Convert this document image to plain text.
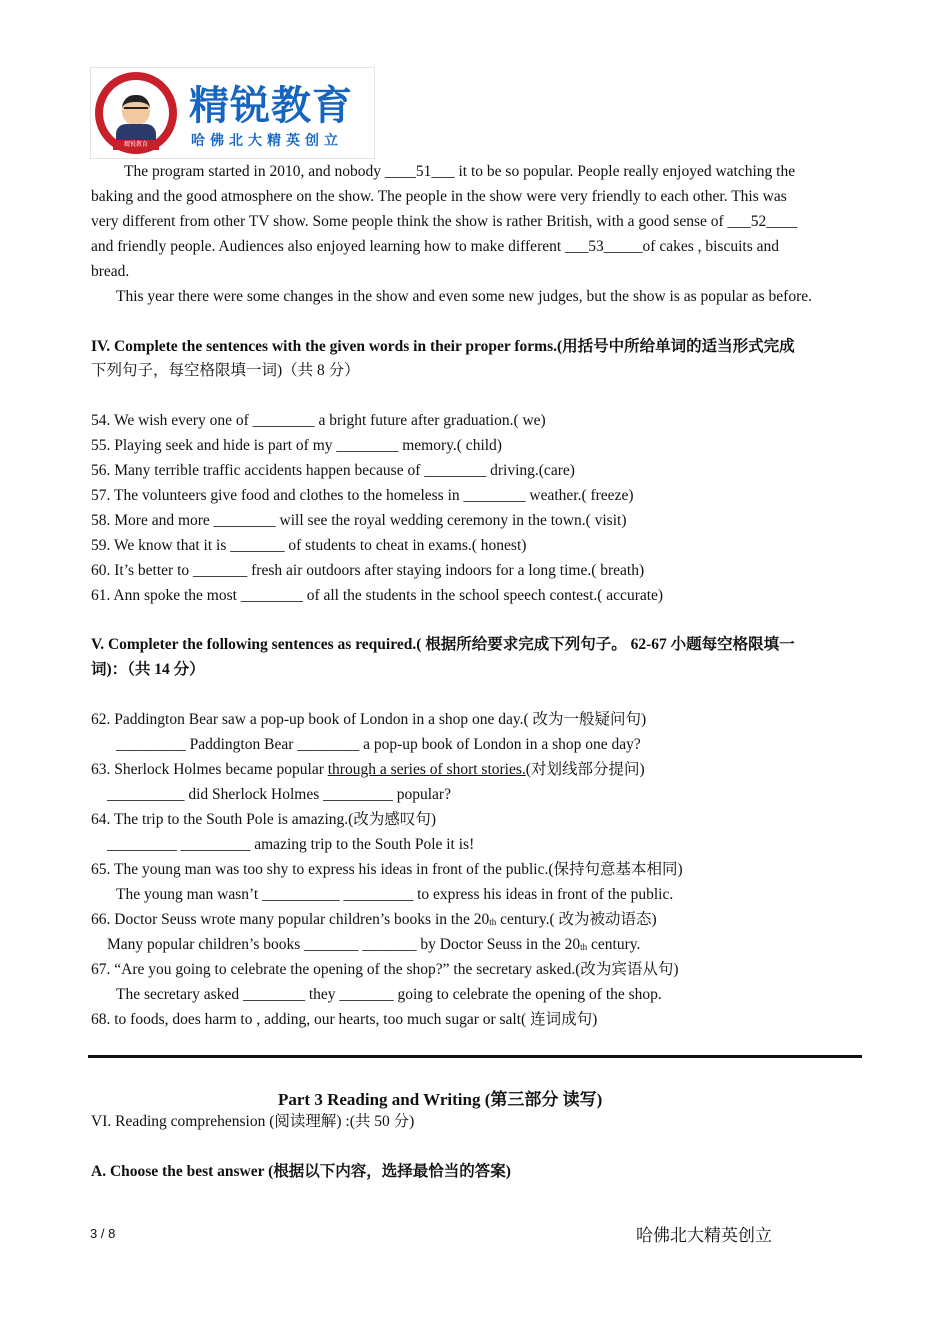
精锐教育
精锐教育
哈佛北大精英创立
The program started in 2010, and nobody ____51___ it to be so popular. People really enjoyed watching the
baking and the good atmosphere on the show. The people in the show were very friendly to each other. This was
very different from other TV show. Some people think the show is rather British, with a good sense of ___52____
and friendly people. Audiences also enjoyed learning how to make different ___53_____of cakes , biscuits and
bread.
This year there were some changes in the show and even some new judges, but the show is as popular as before.
IV. Complete the sentences with the given words in their proper forms.(用括号中所给单词的适当形式完成
下列句子，每空格限填一词)（共 8 分）
54. We wish every one of ________ a bright future after graduation.( we)
55. Playing seek and hide is part of my ________ memory.( child)
56. Many terrible traffic accidents happen because of ________ driving.(care)
57. The volunteers give food and clothes to the homeless in ________ weather.( freeze)
58. More and more ________ will see the royal wedding ceremony in the town.( visit)
59. We know that it is _______ of students to cheat in exams.( honest)
60. It’s better to _______ fresh air outdoors after staying indoors for a long time.( breath)
61. Ann spoke the most ________ of all the students in the school speech contest.( accurate)
V. Completer the following sentences as required.( 根据所给要求完成下列句子。 62-67 小题每空格限填一
词)：（共 14 分）
62. Paddington Bear saw a pop-up book of London in a shop one day.( 改为一般疑问句)
_________ Paddington Bear ________ a pop-up book of London in a shop one day?
63. Sherlock Holmes became popular through a series of short stories.(对划线部分提问)
__________ did Sherlock Holmes _________ popular?
64. The trip to the South Pole is amazing.(改为感叹句)
_________ _________ amazing trip to the South Pole it is!
65. The young man was too shy to express his ideas in front of the public.(保持句意基本相同)
The young man wasn’t __________ _________ to express his ideas in front of the public.
66. Doctor Seuss wrote many popular children’s books in the $20_{th}$ century.( 改为被动语态)
Many popular children’s books _______ _______ by Doctor Seuss in the $20_{th}$ century.
67. “Are you going to celebrate the opening of the shop?” the secretary asked.(改为宾语从句)
The secretary asked ________ they _______ going to celebrate the opening of the shop.
68. to foods, does harm to , adding, our hearts, too much sugar or salt( 连词成句)
Part 3 Reading and Writing (第三部分 读写)
VI. Reading comprehension (阅读理解) :(共 50 分)
A. Choose the best answer (根据以下内容，选择最恰当的答案)
3 / 8	哈佛北大精英创立
